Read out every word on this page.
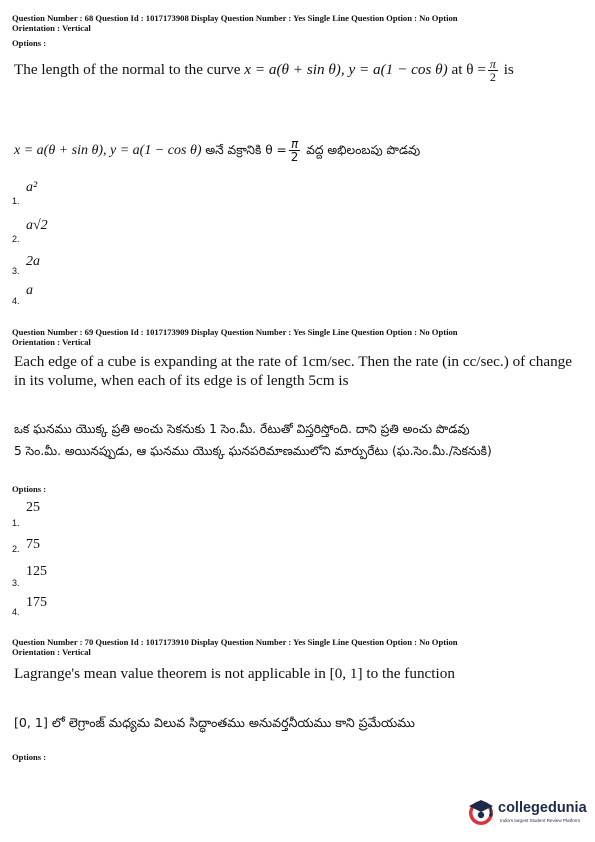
Question Number : 68 Question Id : 1017173908 Display Question Number : Yes Single Line Question Option : No Option
Orientation : Vertical
Options :
The length of the normal to the curve x = a(θ + sin θ), y = a(1 − cos θ) at $\theta = \frac{\pi}{2}$ is
x = a(θ + sin θ), y = a(1 − cos θ) అనే వక్రానికి $\theta = \frac{\pi}{2}$ వద్ద అభిలంబపు పొడవు
1.
a²
2.
a√2
3.
2a
4.
a
Question Number : 69 Question Id : 1017173909 Display Question Number : Yes Single Line Question Option : No Option
Orientation : Vertical
Each edge of a cube is expanding at the rate of 1cm/sec. Then the rate (in cc/sec.) of change
in its volume, when each of its edge is of length 5cm is
ఒక ఘనము యొక్క ప్రతి అంచు సెకనుకు 1 సెం.మీ. రేటుతో విస్తరిస్తోంది. దాని ప్రతి అంచు పొడవు
5 సెం.మీ. అయినప్పుడు, ఆ ఘనము యొక్క ఘనపరిమాణములోని మార్పురేటు (ఘ.సెం.మీ./సెకనుకి)
Options :
1.
25
2. 75
3.
125
4.
175
Question Number : 70 Question Id : 1017173910 Display Question Number : Yes Single Line Question Option : No Option
Orientation : Vertical
Lagrange's mean value theorem is not applicable in [0, 1] to the function
[0, 1] లో లెగ్రాంజ్ మధ్యమ విలువ సిద్ధాంతము అనువర్తనీయము కాని ప్రమేయము
Options :
collegedunia
India's largest Student Review Platform
